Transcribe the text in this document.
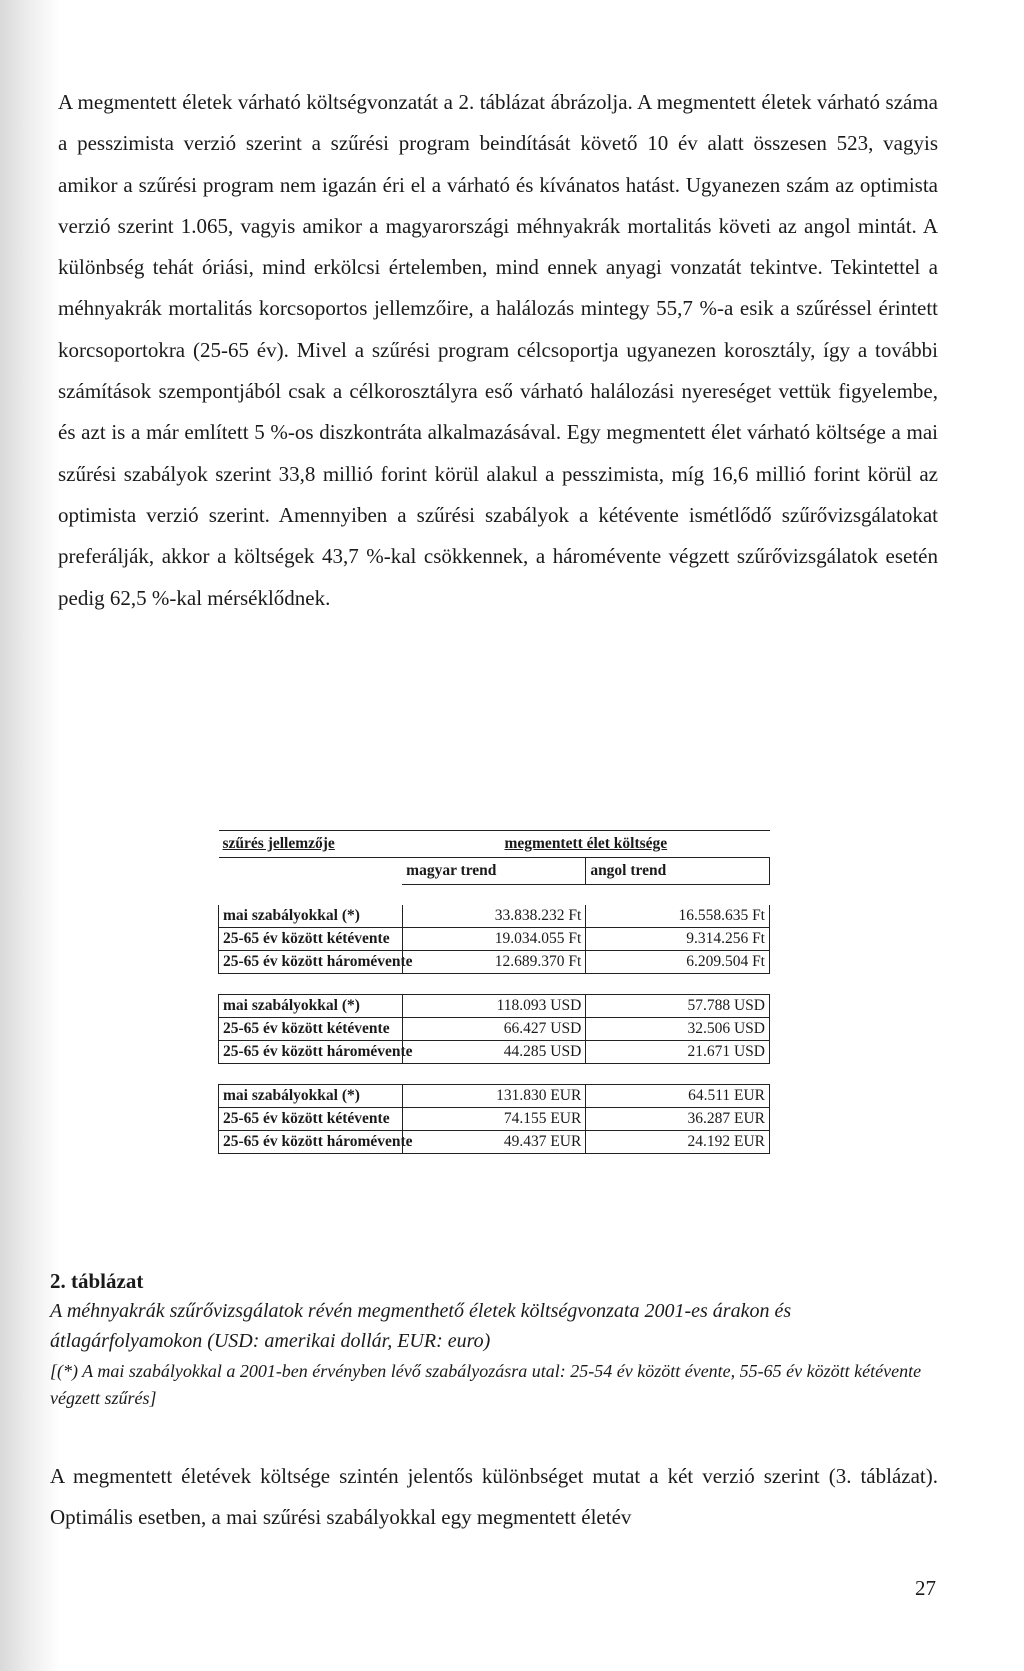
A megmentett életek várható költségvonzatát a 2. táblázat ábrázolja. A megmentett életek várható száma a pesszimista verzió szerint a szűrési program beindítását követő 10 év alatt összesen 523, vagyis amikor a szűrési program nem igazán éri el a várható és kívánatos hatást. Ugyanezen szám az optimista verzió szerint 1.065, vagyis amikor a magyarországi méhnyakrák mortalitás követi az angol mintát. A különbség tehát óriási, mind erkölcsi értelemben, mind ennek anyagi vonzatát tekintve. Tekintettel a méhnyakrák mortalitás korcsoportos jellemzőire, a halálozás mintegy 55,7 %-a esik a szűréssel érintett korcsoportokra (25-65 év). Mivel a szűrési program célcsoportja ugyanezen korosztály, így a további számítások szempontjából csak a célkorosztályra eső várható halálozási nyereséget vettük figyelembe, és azt is a már említett 5 %-os diszkontráta alkalmazásával. Egy megmentett élet várható költsége a mai szűrési szabályok szerint 33,8 millió forint körül alakul a pesszimista, míg 16,6 millió forint körül az optimista verzió szerint. Amennyiben a szűrési szabályok a kétévente ismétlődő szűrővizsgálatokat preferálják, akkor a költségek 43,7 %-kal csökkennek, a háromévente végzett szűrővizsgálatok esetén pedig 62,5 %-kal mérséklődnek.

szűrés jellemzője	megmentett élet költsége	
	magyar trend	angol trend

mai szabályokkal (*)	33.838.232 Ft	16.558.635 Ft
25-65 év között kétévente	19.034.055 Ft	9.314.256 Ft
25-65 év között háromévente	12.689.370 Ft	6.209.504 Ft

mai szabályokkal (*)	118.093 USD	57.788 USD
25-65 év között kétévente	66.427 USD	32.506 USD
25-65 év között háromévente	44.285 USD	21.671 USD

mai szabályokkal (*)	131.830 EUR	64.511 EUR
25-65 év között kétévente	74.155 EUR	36.287 EUR
25-65 év között háromévente	49.437 EUR	24.192 EUR

2. táblázat

A méhnyakrák szűrővizsgálatok révén megmenthető életek költségvonzata 2001-es árakon és átlagárfolyamokon (USD: amerikai dollár, EUR: euro)

[(*) A mai szabályokkal a 2001-ben érvényben lévő szabályozásra utal: 25-54 év között évente, 55-65 év között kétévente végzett szűrés]

A megmentett életévek költsége szintén jelentős különbséget mutat a két verzió szerint (3. táblázat). Optimális esetben, a mai szűrési szabályokkal egy megmentett életév

27
